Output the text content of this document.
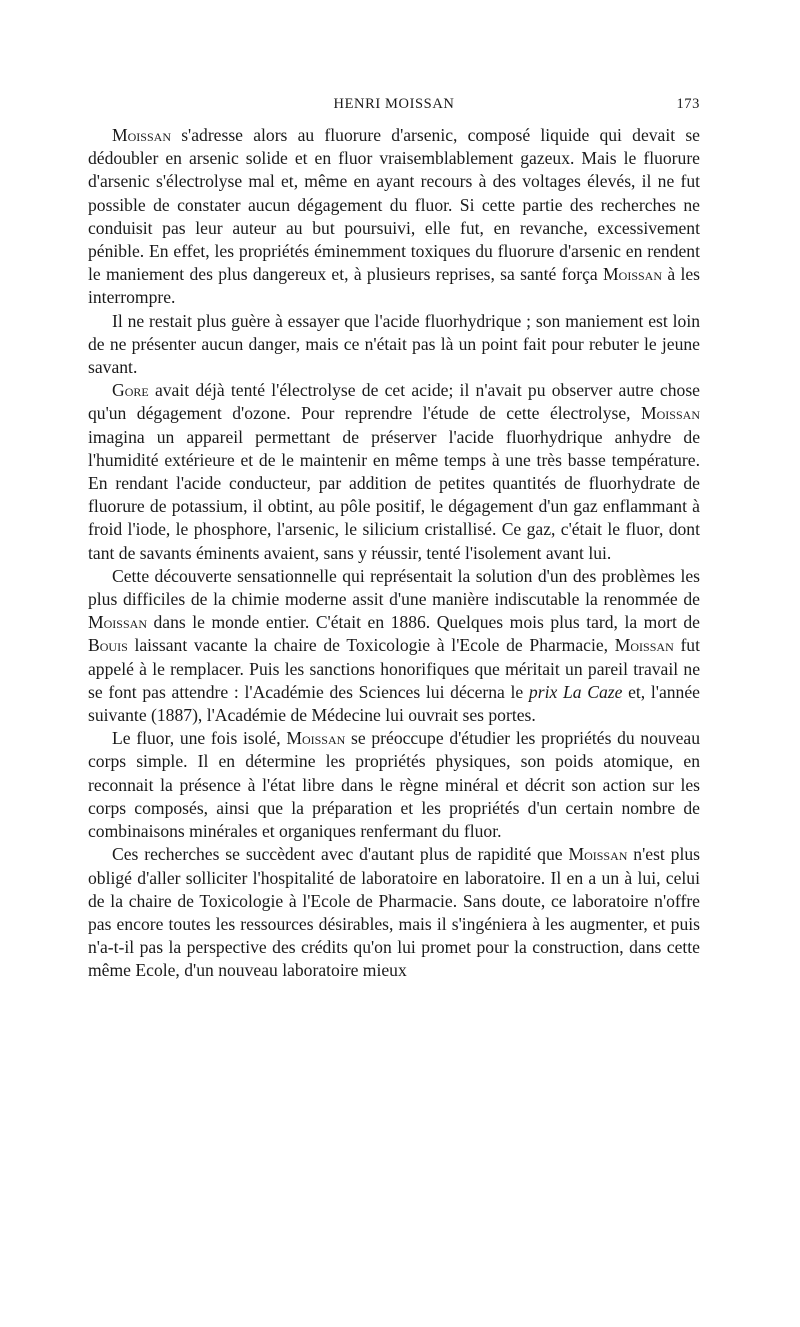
HENRI MOISSAN	173

Moissan s'adresse alors au fluorure d'arsenic, composé liquide qui devait se dédoubler en arsenic solide et en fluor vraisemblablement gazeux. Mais le fluorure d'arsenic s'électrolyse mal et, même en ayant recours à des voltages élevés, il ne fut possible de constater aucun dégagement du fluor. Si cette partie des recherches ne conduisit pas leur auteur au but poursuivi, elle fut, en revanche, excessivement pénible. En effet, les propriétés éminemment toxiques du fluorure d'arsenic en rendent le maniement des plus dangereux et, à plusieurs reprises, sa santé força Moissan à les interrompre.

Il ne restait plus guère à essayer que l'acide fluorhydrique ; son maniement est loin de ne présenter aucun danger, mais ce n'était pas là un point fait pour rebuter le jeune savant.

Gore avait déjà tenté l'électrolyse de cet acide; il n'avait pu observer autre chose qu'un dégagement d'ozone. Pour reprendre l'étude de cette électrolyse, Moissan imagina un appareil permettant de préserver l'acide fluorhydrique anhydre de l'humidité extérieure et de le maintenir en même temps à une très basse température. En rendant l'acide conducteur, par addition de petites quantités de fluorhydrate de fluorure de potassium, il obtint, au pôle positif, le dégagement d'un gaz enflammant à froid l'iode, le phosphore, l'arsenic, le silicium cristallisé. Ce gaz, c'était le fluor, dont tant de savants éminents avaient, sans y réussir, tenté l'isolement avant lui.

Cette découverte sensationnelle qui représentait la solution d'un des problèmes les plus difficiles de la chimie moderne assit d'une manière indiscutable la renommée de Moissan dans le monde entier. C'était en 1886. Quelques mois plus tard, la mort de Bouis laissant vacante la chaire de Toxicologie à l'Ecole de Pharmacie, Moissan fut appelé à le remplacer. Puis les sanctions honorifiques que méritait un pareil travail ne se font pas attendre : l'Académie des Sciences lui décerna le prix La Caze et, l'année suivante (1887), l'Académie de Médecine lui ouvrait ses portes.

Le fluor, une fois isolé, Moissan se préoccupe d'étudier les propriétés du nouveau corps simple. Il en détermine les propriétés physiques, son poids atomique, en reconnait la présence à l'état libre dans le règne minéral et décrit son action sur les corps composés, ainsi que la préparation et les propriétés d'un certain nombre de combinaisons minérales et organiques renfermant du fluor.

Ces recherches se succèdent avec d'autant plus de rapidité que Moissan n'est plus obligé d'aller solliciter l'hospitalité de laboratoire en laboratoire. Il en a un à lui, celui de la chaire de Toxicologie à l'Ecole de Pharmacie. Sans doute, ce laboratoire n'offre pas encore toutes les ressources désirables, mais il s'ingéniera à les augmenter, et puis n'a-t-il pas la perspective des crédits qu'on lui promet pour la construction, dans cette même Ecole, d'un nouveau laboratoire mieux
